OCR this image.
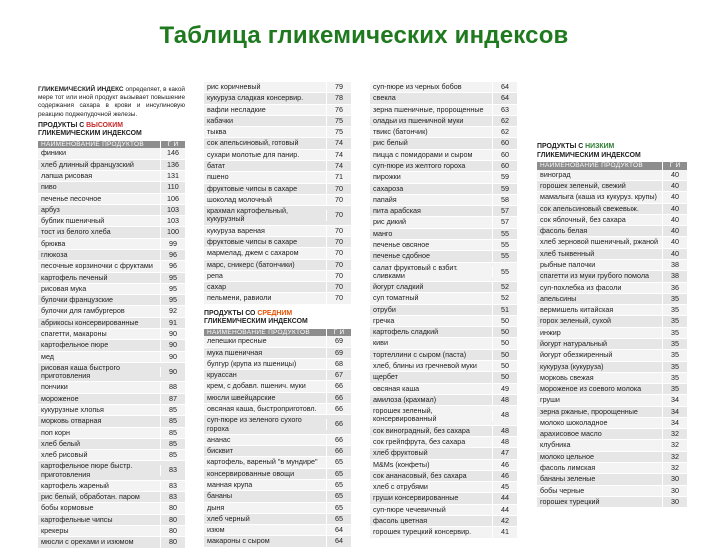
Таблица гликемических индексов
ГЛИКЕМИЧЕСКИЙ ИНДЕКС определяет, в какой мере тот или иной продукт вызывает повышение содержания сахара в крови и инсулиновую реакцию поджелудочной железы.
ПРОДУКТЫ С ВЫСОКИМ
ГЛИКЕМИЧЕСКИМ ИНДЕКСОМ
НАИМЕНОВАНИЕ ПРОДУКТОВ	Г И
финики	146
хлеб длинный французский	136
лапша рисовая	131
пиво	110
печенье песочное	106
арбуз	103
бублик пшеничный	103
тост из белого хлеба	100
брюква	99
глюкоза	96
песочные корзиночки с фруктами	96
картофель печеный	95
рисовая мука	95
булочки французские	95
булочки для гамбургеров	92
абрикосы консервированные	91
спагетти, макароны	90
картофельное пюре	90
мед	90
рисовая каша быстрого приготовления	90
пончики	88
мороженое	87
кукурузные хлопья	85
морковь отварная	85
поп корн	85
хлеб белый	85
хлеб рисовый	85
картофельное пюре быстр. приготовления	83
картофель жареный	83
рис белый, обработан. паром	83
бобы кормовые	80
картофельные чипсы	80
крекеры	80
мюсли с орехами и изюмом	80
рис коричневый	79
кукуруза сладкая консервир.	78
вафли несладкие	76
кабачки	75
тыква	75
сок апельсиновый, готовый	74
сухари молотые для панир.	74
батат	74
пшено	71
фруктовые чипсы в сахаре	70
шоколад молочный	70
крахмал картофельный, кукурузный	70
кукуруза вареная	70
фруктовые чипсы в сахаре	70
мармелад, джем с сахаром	70
марс, сникерс (батончики)	70
репа	70
сахар	70
пельмени, равиоли	70
ПРОДУКТЫ СО СРЕДНИМ
ГЛИКЕМИЧЕСКИМ ИНДЕКСОМ
НАИМЕНОВАНИЕ ПРОДУКТОВ	Г И
лепешки пресные	69
мука пшеничная	69
булгур (крупа из пшеницы)	68
круассан	67
крем, с добавл. пшенич. муки	66
мюсли швейцарские	66
овсяная каша, быстроприготовл.	66
суп-пюре из зеленого сухого гороха	66
ананас	66
бисквит	66
картофель, вареный "в мундире"	65
консервированные овощи	65
манная крупа	65
бананы	65
дыня	65
хлеб черный	65
изюм	64
макароны с сыром	64
суп-пюре из черных бобов	64
свекла	64
зерна пшеничные, пророщенные	63
оладьи из пшеничной муки	62
твикс (батончик)	62
рис белый	60
пицца с помидорами и сыром	60
суп-пюре из желтого гороха	60
пирожки	59
сахароза	59
папайя	58
пита арабская	57
рис дикий	57
манго	55
печенье овсяное	55
печенье сдобное	55
салат фруктовый с взбит. сливками	55
йогурт сладкий	52
суп томатный	52
отруби	51
гречка	50
картофель сладкий	50
киви	50
тортеллини с сыром (паста)	50
хлеб, блины из гречневой муки	50
щербет	50
овсяная каша	49
амилоза (крахмал)	48
горошек зеленый, консервированный	48
сок виноградный, без сахара	48
сок грейпфрута, без сахара	48
хлеб фруктовый	47
M&Ms (конфеты)	46
сок ананасовый, без сахара	46
хлеб с отрубями	45
груши консервированные	44
суп-пюре чечевичный	44
фасоль цветная	42
горошек турецкий консервир.	41
ПРОДУКТЫ С НИЗКИМ
ГЛИКЕМИЧЕСКИМ ИНДЕКСОМ
НАИМЕНОВАНИЕ ПРОДУКТОВ	Г И
виноград	40
горошек зеленый, свежий	40
мамалыга (каша из кукуруз. крупы)	40
сок апельсиновый свежевыж.	40
сок яблочный, без сахара	40
фасоль белая	40
хлеб зерновой пшеничный, ржаной	40
хлеб тыквенный	40
рыбные палочки	38
спагетти из муки грубого помола	38
суп-похлебка из фасоли	36
апельсины	35
вермишель китайская	35
горох зеленый, сухой	35
инжир	35
йогурт натуральный	35
йогурт обезжиренный	35
кукуруза (кукуруза)	35
морковь свежая	35
мороженое из соевого молока	35
груши	34
зерна ржаные, пророщенные	34
молоко шоколадное	34
арахисовое масло	32
клубника	32
молоко цельное	32
фасоль лимская	32
бананы зеленые	30
бобы черные	30
горошек турецкий	30
